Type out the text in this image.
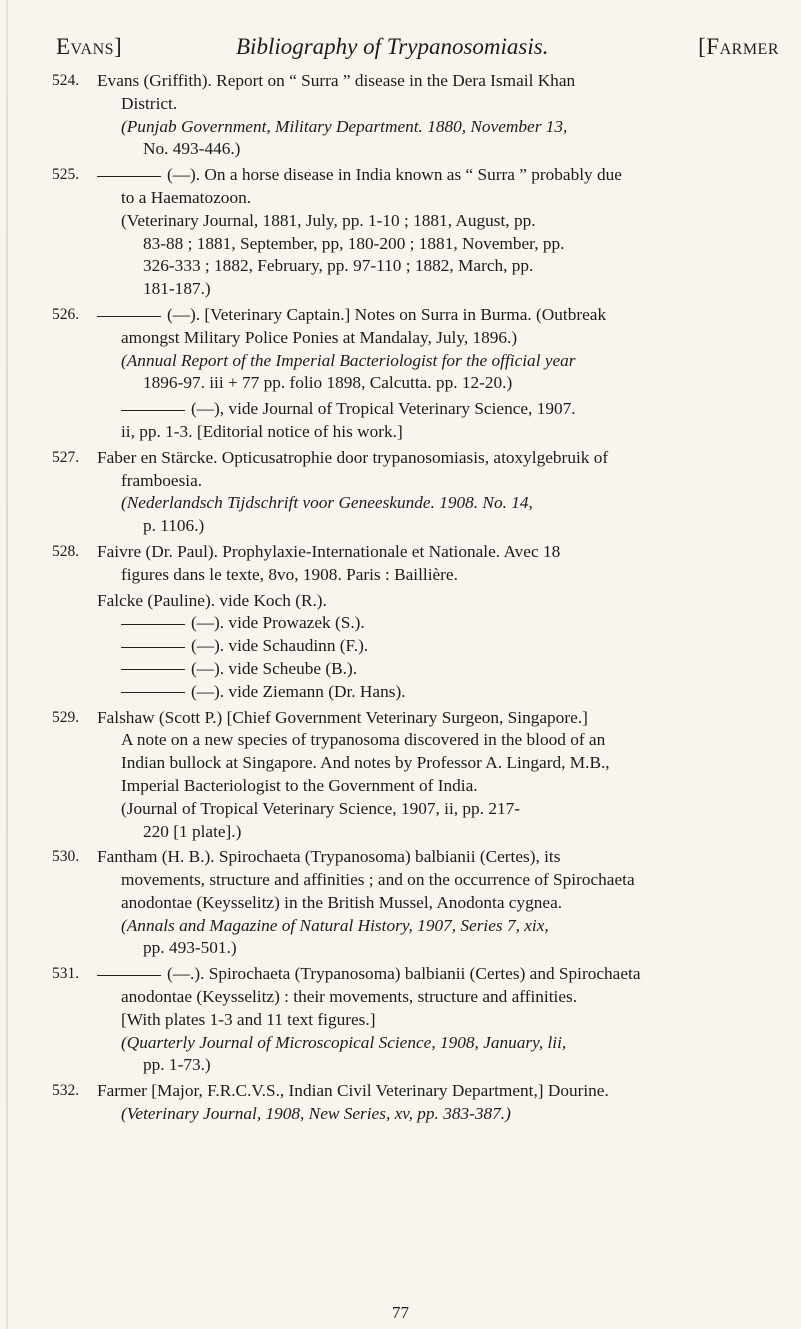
Evans]	Bibliography of Trypanosomiasis.	[Farmer
524. Evans (Griffith). Report on “ Surra ” disease in the Dera Ismail Khan
District.
(Punjab Government, Military Department. 1880, November 13,
No. 493-446.)
525.	(—). On a horse disease in India known as “ Surra ” probably due
to a Haematozoon.
(Veterinary Journal, 1881, July, pp. 1-10 ; 1881, August, pp.
83-88 ; 1881, September, pp, 180-200 ; 1881, November, pp.
326-333 ; 1882, February, pp. 97-110 ; 1882, March, pp.
181-187.)
526.	(—). [Veterinary Captain.] Notes on Surra in Burma. (Outbreak
amongst Military Police Ponies at Mandalay, July, 1896.)
(Annual Report of the Imperial Bacteriologist for the official year
1896-97. iii + 77 pp. folio 1898, Calcutta. pp. 12-20.)
(—), vide Journal of Tropical Veterinary Science, 1907.
ii, pp. 1-3. [Editorial notice of his work.]
527. Faber en Stärcke. Opticusatrophie door trypanosomiasis, atoxylgebruik of
framboesia.
(Nederlandsch Tijdschrift voor Geneeskunde. 1908. No. 14,
p. 1106.)
528. Faivre (Dr. Paul). Prophylaxie-Internationale et Nationale. Avec 18
figures dans le texte, 8vo, 1908. Paris : Baillière.
Falcke (Pauline). vide Koch (R.).
(—). vide Prowazek (S.).
(—). vide Schaudinn (F.).
(—). vide Scheube (B.).
(—). vide Ziemann (Dr. Hans).
529. Falshaw (Scott P.) [Chief Government Veterinary Surgeon, Singapore.]
A note on a new species of trypanosoma discovered in the blood of an
Indian bullock at Singapore. And notes by Professor A. Lingard, M.B.,
Imperial Bacteriologist to the Government of India.
(Journal of Tropical Veterinary Science, 1907, ii, pp. 217-
220 [1 plate].)
530. Fantham (H. B.). Spirochaeta (Trypanosoma) balbianii (Certes), its
movements, structure and affinities ; and on the occurrence of Spirochaeta
anodontae (Keysselitz) in the British Mussel, Anodonta cygnea.
(Annals and Magazine of Natural History, 1907, Series 7, xix,
pp. 493-501.)
531.	(—.). Spirochaeta (Trypanosoma) balbianii (Certes) and Spirochaeta
anodontae (Keysselitz) : their movements, structure and affinities.
[With plates 1-3 and 11 text figures.]
(Quarterly Journal of Microscopical Science, 1908, January, lii,
pp. 1-73.)
532. Farmer [Major, F.R.C.V.S., Indian Civil Veterinary Department,] Dourine.
(Veterinary Journal, 1908, New Series, xv, pp. 383-387.)
77
